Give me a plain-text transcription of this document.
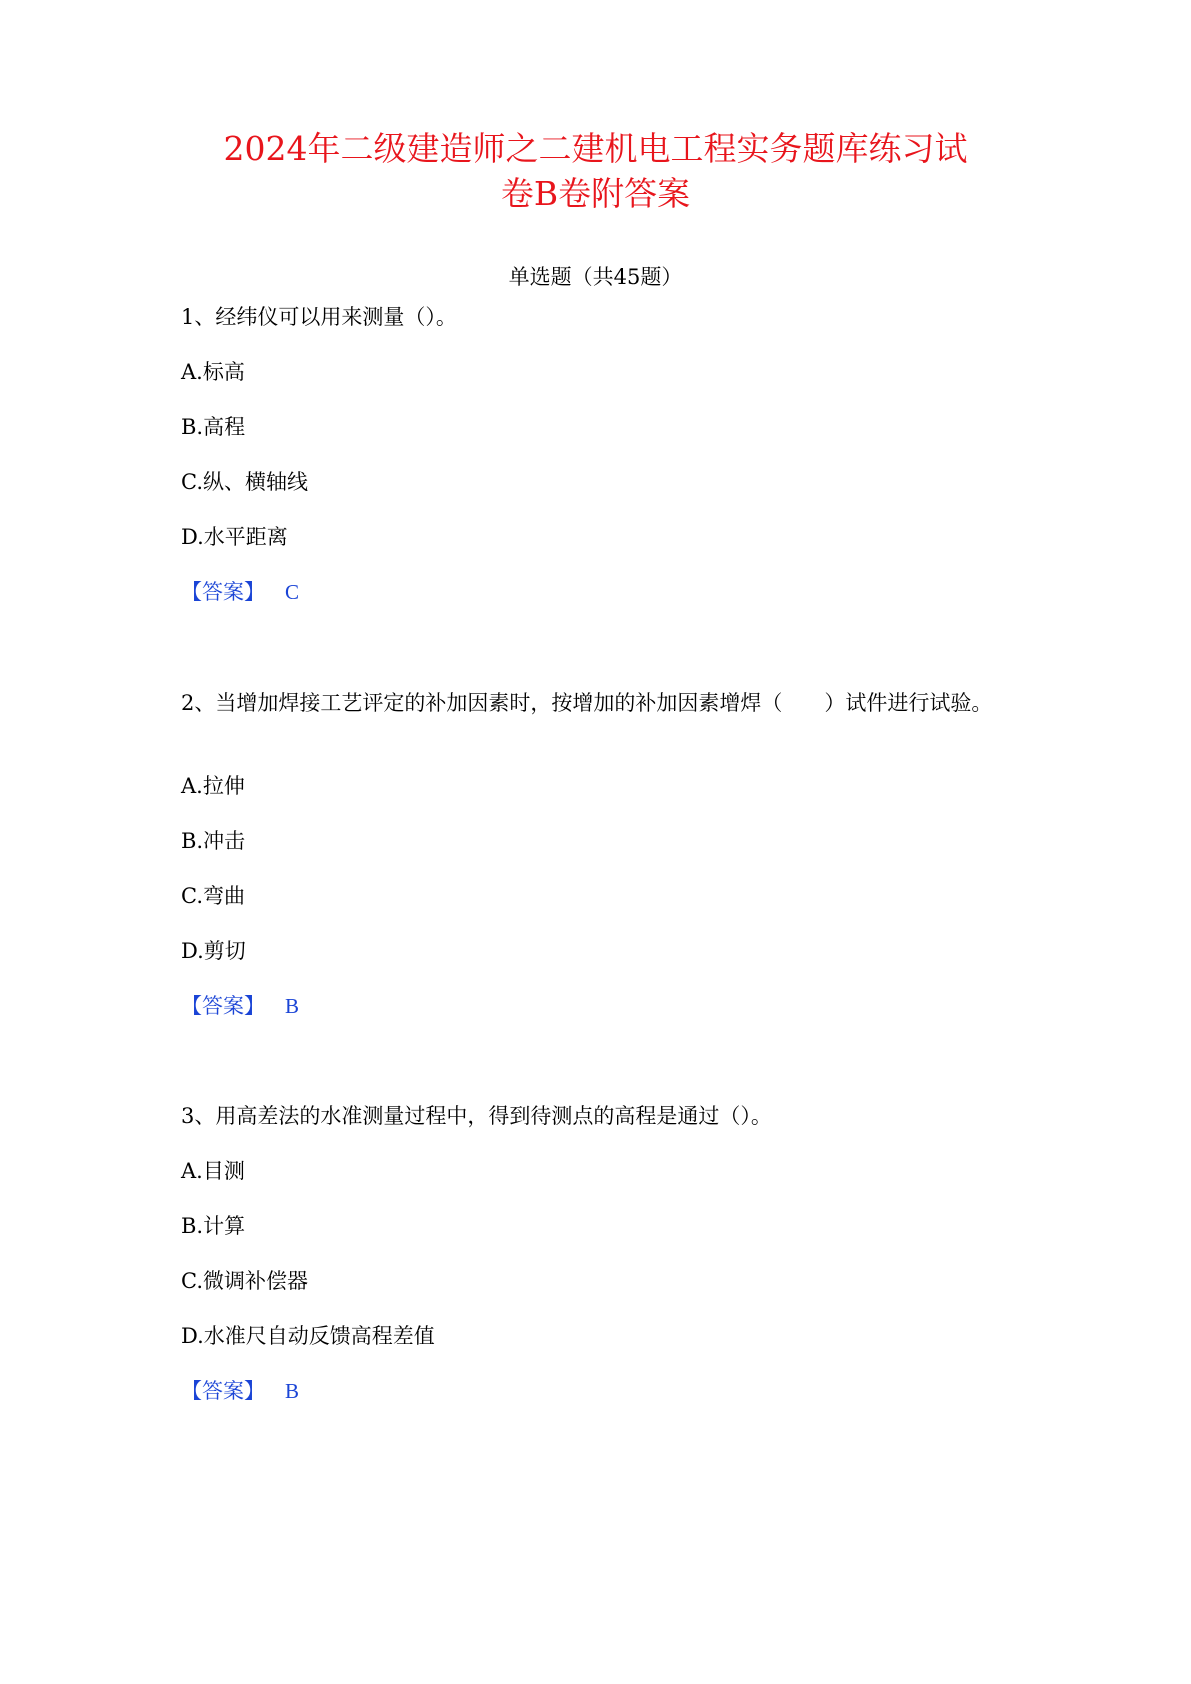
2024年二级建造师之二建机电工程实务题库练习试
卷B卷附答案
单选题（共45题）
1、经纬仪可以用来测量（）。
A.标高
B.高程
C.纵、横轴线
D.水平距离
【答案】 C
2、当增加焊接工艺评定的补加因素时，按增加的补加因素增焊（　　）试件进行试验。
A.拉伸
B.冲击
C.弯曲
D.剪切
【答案】 B
3、用高差法的水准测量过程中，得到待测点的高程是通过（）。
A.目测
B.计算
C.微调补偿器
D.水准尺自动反馈高程差值
【答案】 B
